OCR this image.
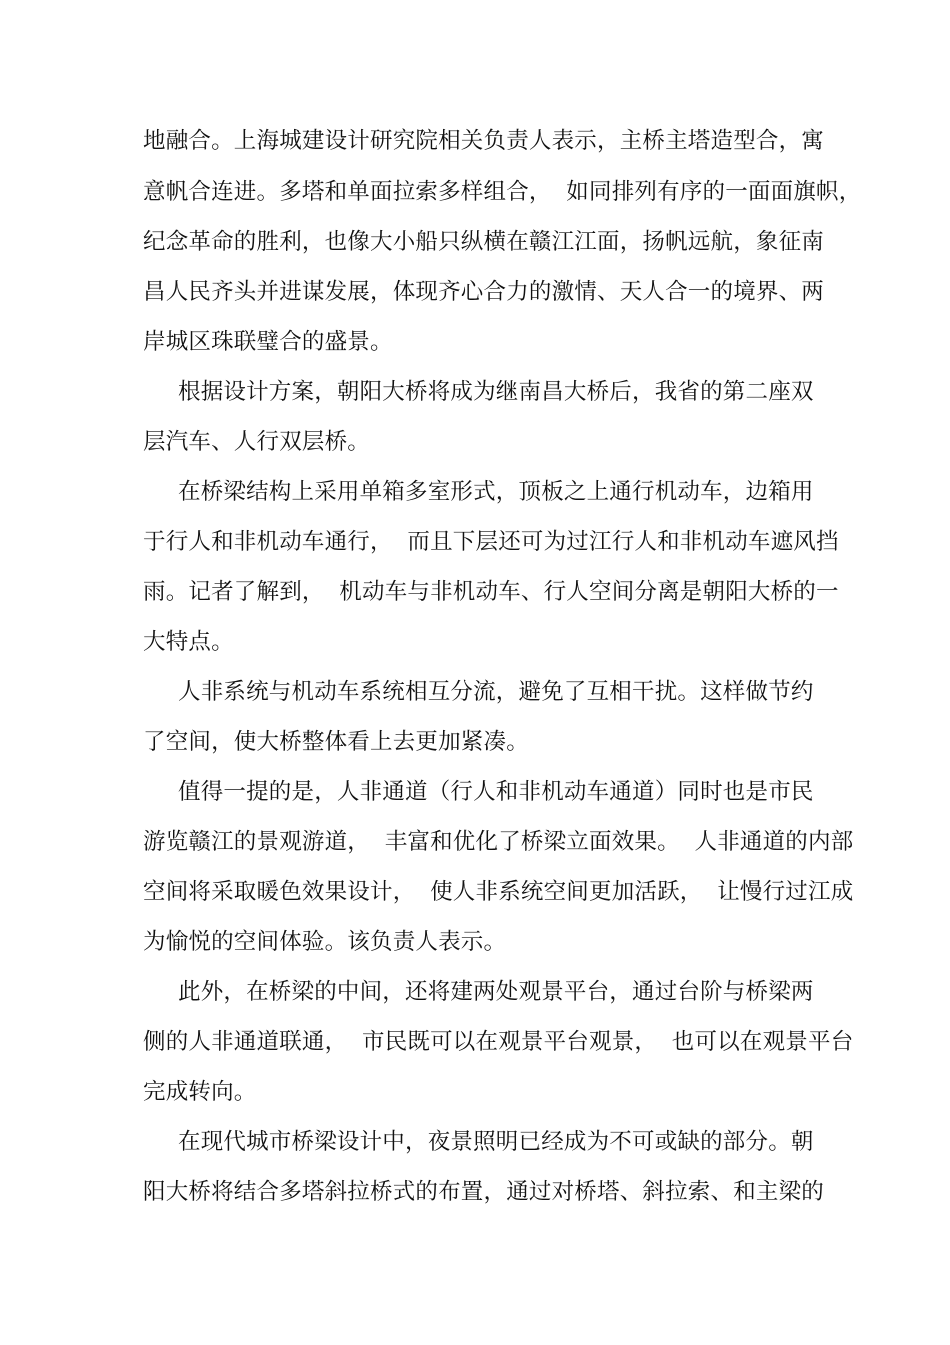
地融合。上海城建设计研究院相关负责人表示，主桥主塔造型合，寓
意帆合连进。多塔和单面拉索多样组合，  如同排列有序的一面面旗帜，
纪念革命的胜利，也像大小船只纵横在赣江江面，扬帆远航，象征南
昌人民齐头并进谋发展，体现齐心合力的激情、天人合一的境界、两
岸城区珠联璧合的盛景。
根据设计方案，朝阳大桥将成为继南昌大桥后，我省的第二座双
层汽车、人行双层桥。
在桥梁结构上采用单箱多室形式，顶板之上通行机动车，边箱用
于行人和非机动车通行，  而且下层还可为过江行人和非机动车遮风挡
雨。记者了解到，  机动车与非机动车、行人空间分离是朝阳大桥的一
大特点。
人非系统与机动车系统相互分流，避免了互相干扰。这样做节约
了空间，使大桥整体看上去更加紧凑。
值得一提的是，人非通道（行人和非机动车通道）同时也是市民
游览赣江的景观游道，  丰富和优化了桥梁立面效果。  人非通道的内部
空间将采取暖色效果设计，  使人非系统空间更加活跃，  让慢行过江成
为愉悦的空间体验。该负责人表示。
此外，在桥梁的中间，还将建两处观景平台，通过台阶与桥梁两
侧的人非通道联通，  市民既可以在观景平台观景，  也可以在观景平台
完成转向。
在现代城市桥梁设计中，夜景照明已经成为不可或缺的部分。朝
阳大桥将结合多塔斜拉桥式的布置，通过对桥塔、斜拉索、和主梁的
